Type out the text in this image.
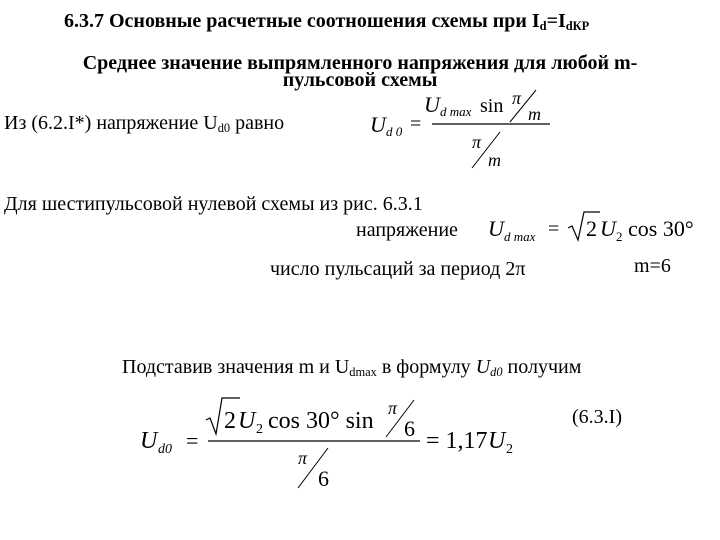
6.3.7 Основные расчетные соотношения схемы при $I_d=I_{dКР}$
Среднее значение выпрямленного напряжения для любой m-
пульсовой схемы
Из (6.2.I*) напряжение $U_{d0}$ равно	U d 0 =
U d max sin π
m
π
m
Для шестипульсовой нулевой схемы из рис. 6.3.1
напряжение U d max = 2 U 2 cos 30°
число пульсаций за период 2π	m=6
Подставив значения m и $U_{dmax}$ в формулу $U_{d0}$ получим
U d0 =
2 U 2 cos 30° sin π
6
π
6
= 1,17 U 2
(6.3.I)
